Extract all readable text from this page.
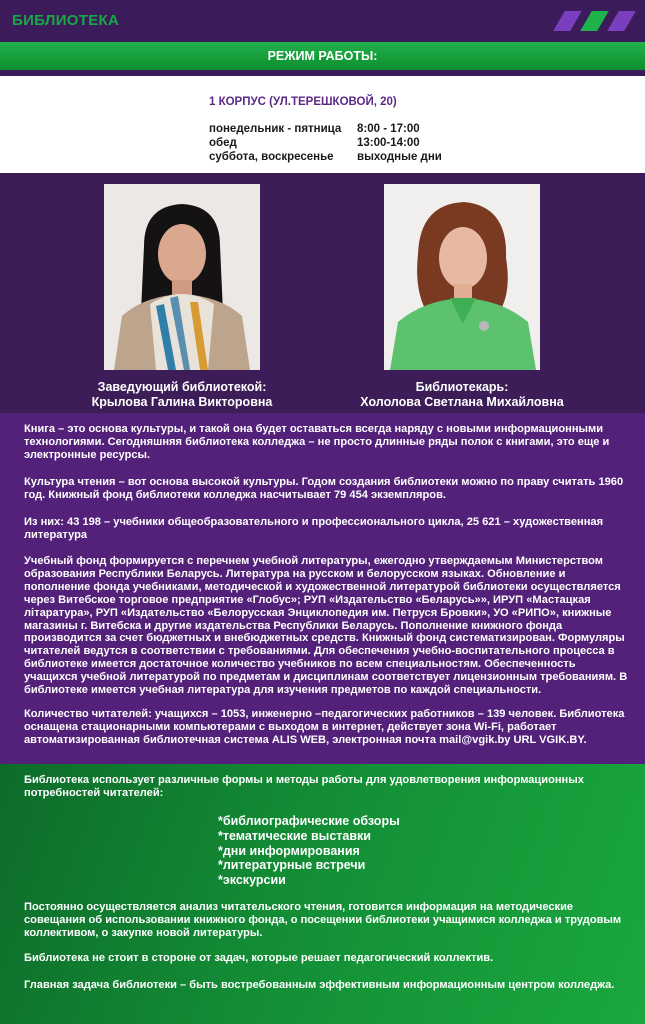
БИБЛИОТЕКА
РЕЖИМ РАБОТЫ:
1 КОРПУС (УЛ.ТЕРЕШКОВОЙ, 20)
понедельник - пятница 8:00 - 17:00
обед	13:00-14:00
суббота, воскресенье выходные дни
Заведующий библиотекой:
Крылова Галина Викторовна
Библиотекарь:
Хололова Светлана Михайловна

Книга – это основа культуры, и такой она будет оставаться всегда наряду с новыми информационными технологиями. Сегодняшняя библиотека колледжа – не просто длинные ряды полок с книгами, это еще и электронные ресурсы.

Культура чтения – вот основа высокой культуры. Годом создания библиотеки можно по праву считать 1960 год. Книжный фонд библиотеки колледжа насчитывает 79 454 экземпляров.

Из них: 43 198 – учебники общеобразовательного и профессионального цикла, 25 621 – художественная литература

Учебный фонд формируется с перечнем учебной литературы, ежегодно утверждаемым Министерством образования Республики Беларусь. Литература на русском и белорусском языках. Обновление и пополнение фонда учебниками, методической и художественной литературой библиотеки осуществляется через Витебское торговое предприятие «Глобус»; РУП «Издательство «Беларусь»», ИРУП «Мастацкая літаратура», РУП «Издательство «Белорусская Энциклопедия им. Петруся Бровки», УО «РИПО», книжные магазины г. Витебска и другие издательства Республики Беларусь. Пополнение книжного фонда производится за счет бюджетных и внебюджетных средств. Книжный фонд систематизирован. Формуляры читателей ведутся в соответствии с требованиями. Для обеспечения учебно-воспитательного процесса в библиотеке имеется достаточное количество учебников по всем специальностям. Обеспеченность учащихся учебной литературой по предметам и дисциплинам соответствует лицензионным требованиям. В библиотеке имеется учебная литература для изучения предметов по каждой специальности.

Количество читателей: учащихся – 1053, инженерно –педагогических работников – 139 человек. Библиотека оснащена стационарными компьютерами с выходом в интернет, действует зона Wi-Fi, работает автоматизированная библиотечная система ALIS WEB, электронная почта mail@vgik.by URL VGIK.BY.

Библиотека использует различные формы и методы работы для удовлетворения информационных потребностей читателей:

*библиографические обзоры
*тематические выставки
*дни информирования
*литературные встречи
*экскурсии

Постоянно осуществляется анализ читательского чтения, готовится информация на методические совещания об использовании книжного фонда, о посещении библиотеки учащимися колледжа и трудовым коллективом, о закупке новой литературы.

Библиотека не стоит в стороне от задач, которые решает педагогический коллектив.

Главная задача библиотеки – быть востребованным эффективным информационным центром колледжа.
